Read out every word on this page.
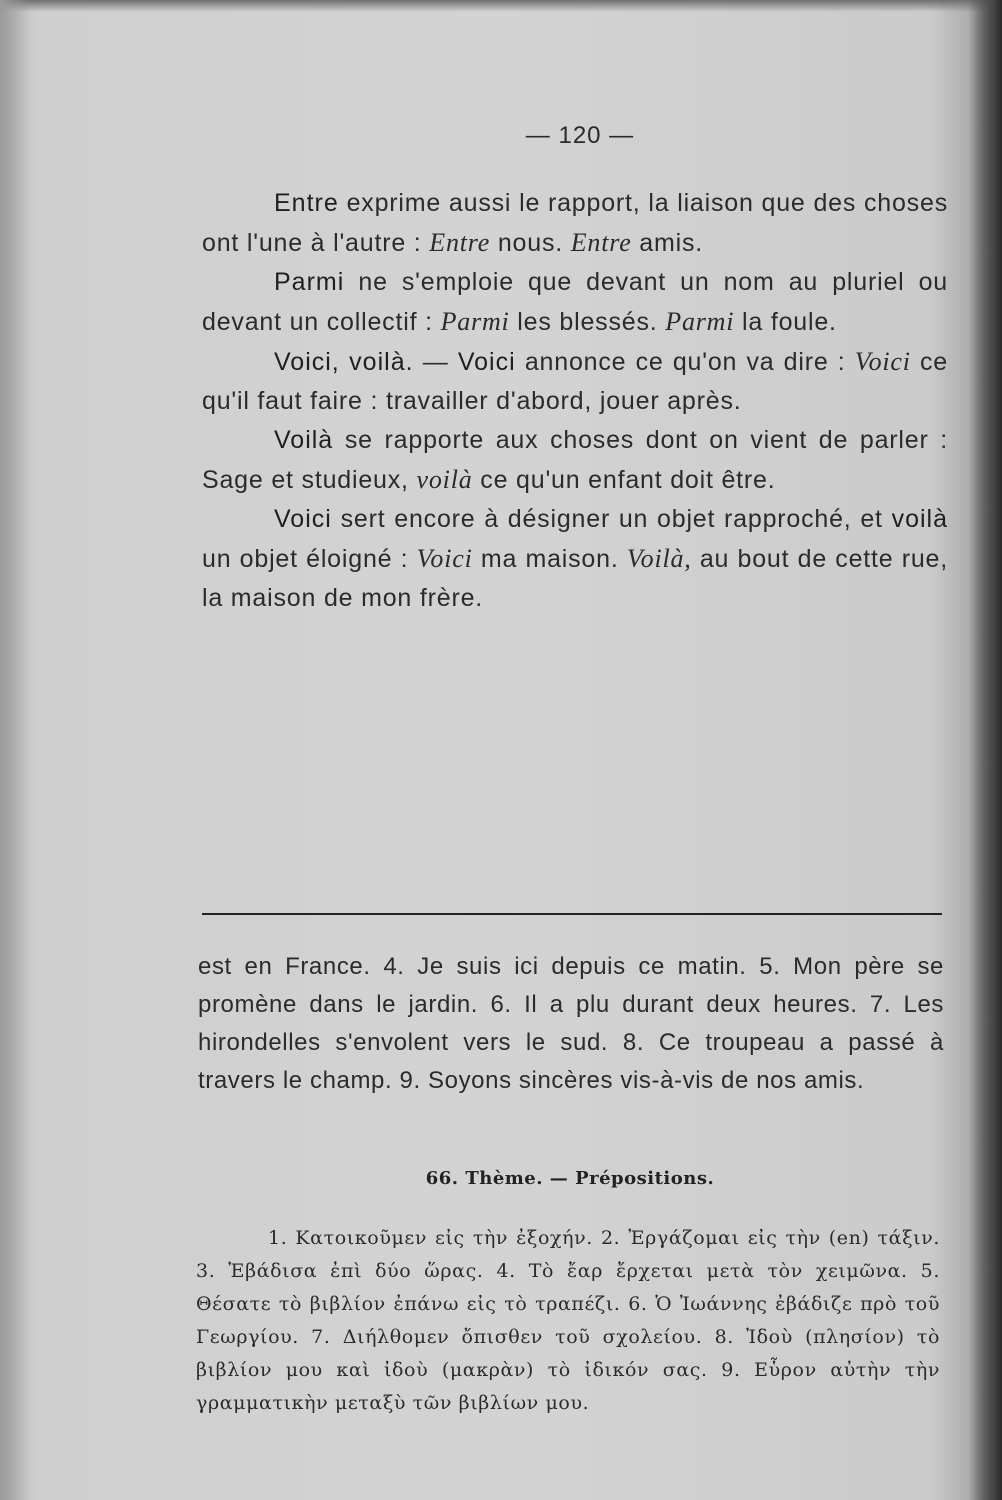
— 120 —

Entre exprime aussi le rapport, la liaison que des choses ont l'une à l'autre : Entre nous. Entre amis.

Parmi ne s'emploie que devant un nom au pluriel ou devant un collectif : Parmi les blessés. Parmi la foule.

Voici, voilà. — Voici annonce ce qu'on va dire : Voici ce qu'il faut faire : travailler d'abord, jouer après.

Voilà se rapporte aux choses dont on vient de parler : Sage et studieux, voilà ce qu'un enfant doit être.

Voici sert encore à désigner un objet rapproché, et voilà un objet éloigné : Voici ma maison. Voilà, au bout de cette rue, la maison de mon frère.

est en France. 4. Je suis ici depuis ce matin. 5. Mon père se promène dans le jardin. 6. Il a plu durant deux heures. 7. Les hirondelles s'envolent vers le sud. 8. Ce troupeau a passé à travers le champ. 9. Soyons sincères vis-à-vis de nos amis.
66. Thème. — Prépositions.
1. Κατοικοῦμεν εἰς τὴν ἐξοχήν. 2. Ἐργάζομαι εἰς τὴν (en) τάξιν. 3. Ἐβάδισα ἐπὶ δύο ὥρας. 4. Τὸ ἔαρ ἔρχεται μετὰ τὸν χειμῶνα. 5. Θέσατε τὸ βιβλίον ἐπάνω εἰς τὸ τραπέζι. 6. Ὁ Ἰωάννης ἐβάδιζε πρὸ τοῦ Γεωργίου. 7. Διήλθομεν ὄπισθεν τοῦ σχολείου. 8. Ἰδοὺ (πλησίον) τὸ βιβλίον μου καὶ ἰδοὺ (μακρὰν) τὸ ἰδικόν σας. 9. Εὗρον αὐτὴν τὴν γραμματικὴν μεταξὺ τῶν βιβλίων μου.
